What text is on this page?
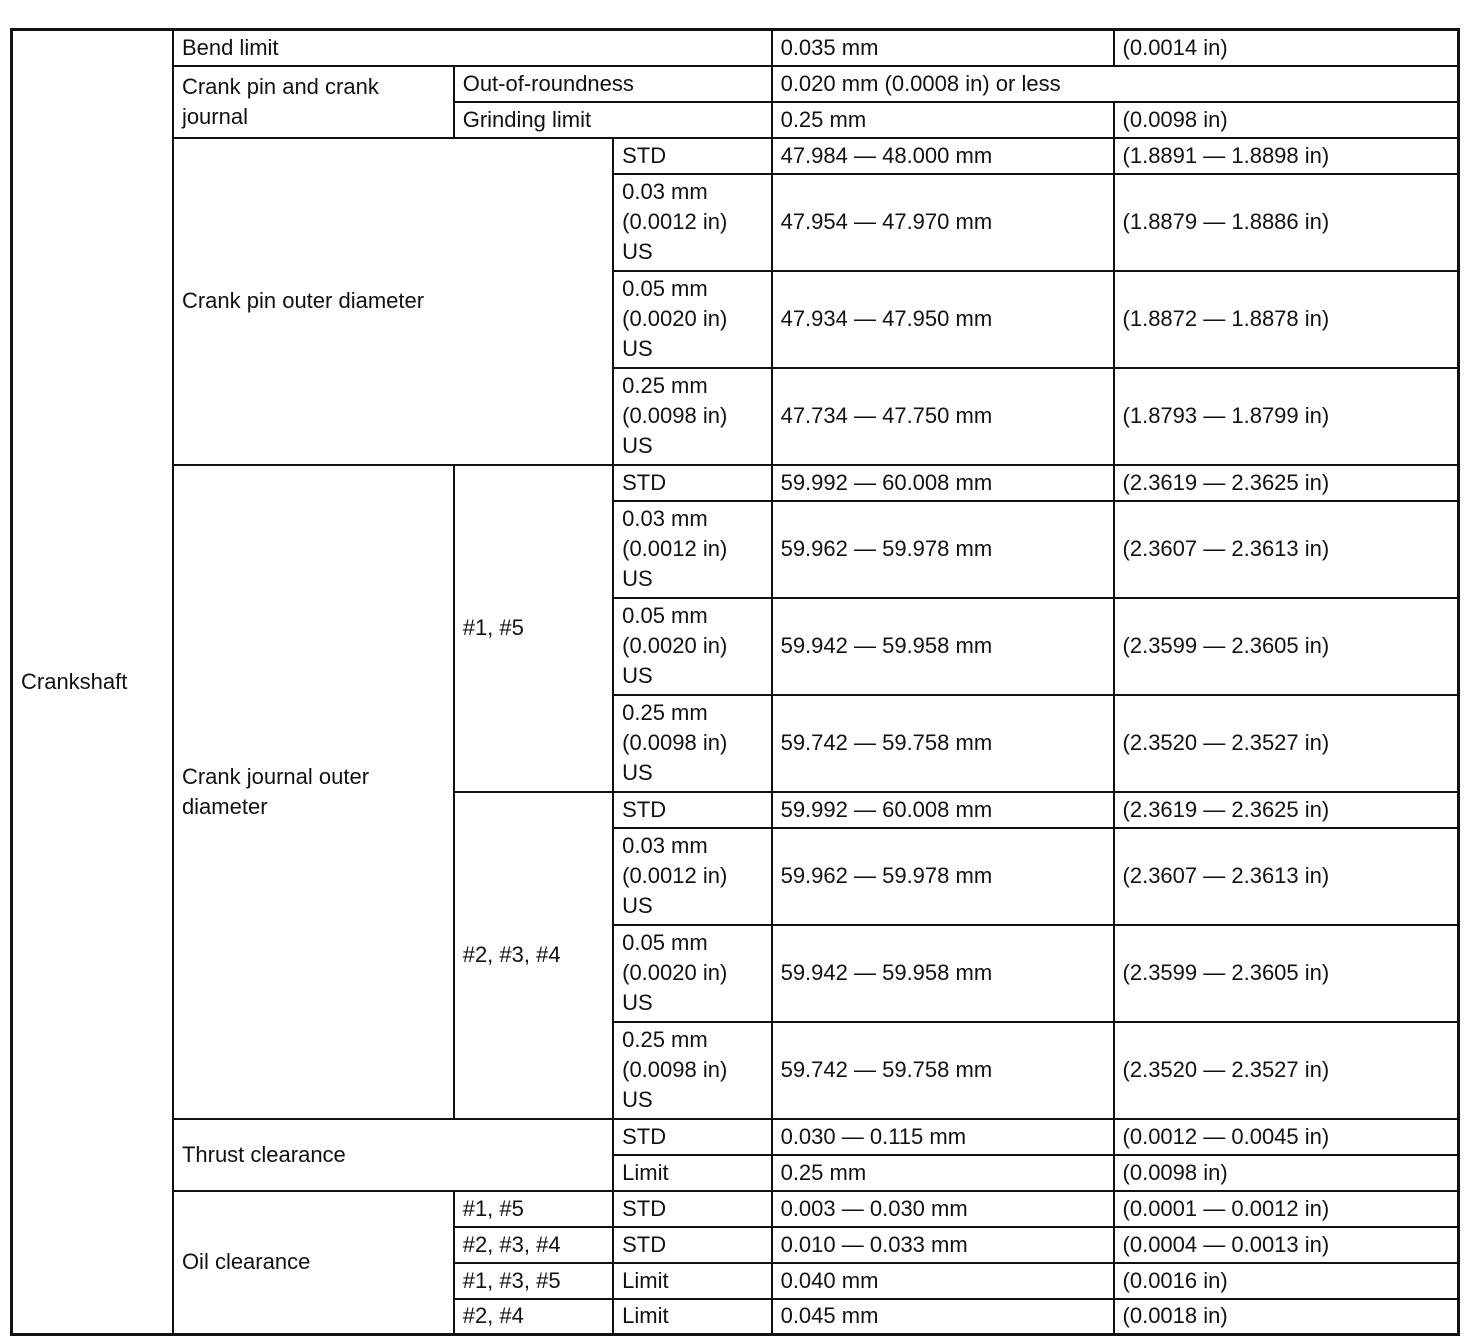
Crankshaft	Bend limit			0.035 mm	(0.0014 in)
	Crank pin and crank journal	Out-of-roundness		0.020 mm (0.0008 in) or less	
		Grinding limit		0.25 mm	(0.0098 in)
	Crank pin outer diameter		STD	47.984 — 48.000 mm	(1.8891 — 1.8898 in)
			0.03 mm
(0.0012 in)
US	47.954 — 47.970 mm	(1.8879 — 1.8886 in)
			0.05 mm
(0.0020 in)
US	47.934 — 47.950 mm	(1.8872 — 1.8878 in)
			0.25 mm
(0.0098 in)
US	47.734 — 47.750 mm	(1.8793 — 1.8799 in)
	Crank journal outer diameter	#1, #5	STD	59.992 — 60.008 mm	(2.3619 — 2.3625 in)
			0.03 mm
(0.0012 in)
US	59.962 — 59.978 mm	(2.3607 — 2.3613 in)
			0.05 mm
(0.0020 in)
US	59.942 — 59.958 mm	(2.3599 — 2.3605 in)
			0.25 mm
(0.0098 in)
US	59.742 — 59.758 mm	(2.3520 — 2.3527 in)
		#2, #3, #4	STD	59.992 — 60.008 mm	(2.3619 — 2.3625 in)
			0.03 mm
(0.0012 in)
US	59.962 — 59.978 mm	(2.3607 — 2.3613 in)
			0.05 mm
(0.0020 in)
US	59.942 — 59.958 mm	(2.3599 — 2.3605 in)
			0.25 mm
(0.0098 in)
US	59.742 — 59.758 mm	(2.3520 — 2.3527 in)
	Thrust clearance		STD	0.030 — 0.115 mm	(0.0012 — 0.0045 in)
			Limit	0.25 mm	(0.0098 in)
	Oil clearance	#1, #5	STD	0.003 — 0.030 mm	(0.0001 — 0.0012 in)
		#2, #3, #4	STD	0.010 — 0.033 mm	(0.0004 — 0.0013 in)
		#1, #3, #5	Limit	0.040 mm	(0.0016 in)
		#2, #4	Limit	0.045 mm	(0.0018 in)
